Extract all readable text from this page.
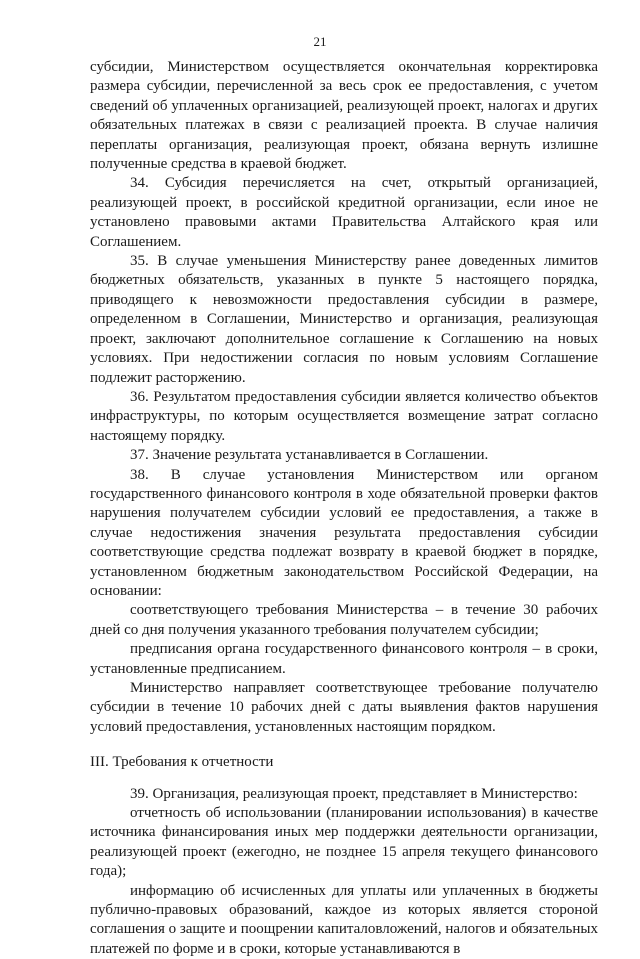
21

субсидии, Министерством осуществляется окончательная корректировка размера субсидии, перечисленной за весь срок ее предоставления, с учетом сведений об уплаченных организацией, реализующей проект, налогах и других обязательных платежах в связи с реализацией проекта. В случае наличия переплаты организация, реализующая проект, обязана вернуть излишне полученные средства в краевой бюджет.

34. Субсидия перечисляется на счет, открытый организацией, реализующей проект, в российской кредитной организации, если иное не установлено правовыми актами Правительства Алтайского края или Соглашением.

35. В случае уменьшения Министерству ранее доведенных лимитов бюджетных обязательств, указанных в пункте 5 настоящего порядка, приводящего к невозможности предоставления субсидии в размере, определенном в Соглашении, Министерство и организация, реализующая проект, заключают дополнительное соглашение к Соглашению на новых условиях. При недостижении согласия по новым условиям Соглашение подлежит расторжению.

36. Результатом предоставления субсидии является количество объектов инфраструктуры, по которым осуществляется возмещение затрат согласно настоящему порядку.

37. Значение результата устанавливается в Соглашении.

38. В случае установления Министерством или органом государственного финансового контроля в ходе обязательной проверки фактов нарушения получателем субсидии условий ее предоставления, а также в случае недостижения значения результата предоставления субсидии соответствующие средства подлежат возврату в краевой бюджет в порядке, установленном бюджетным законодательством Российской Федерации, на основании:

соответствующего требования Министерства – в течение 30 рабочих дней со дня получения указанного требования получателем субсидии;

предписания органа государственного финансового контроля – в сроки, установленные предписанием.

Министерство направляет соответствующее требование получателю субсидии в течение 10 рабочих дней с даты выявления фактов нарушения условий предоставления, установленных настоящим порядком.

III. Требования к отчетности

39. Организация, реализующая проект, представляет в Министерство:

отчетность об использовании (планировании использования) в качестве источника финансирования иных мер поддержки деятельности организации, реализующей проект (ежегодно, не позднее 15 апреля текущего финансового года);

информацию об исчисленных для уплаты или уплаченных в бюджеты публично-правовых образований, каждое из которых является стороной соглашения о защите и поощрении капиталовложений, налогов и обязательных платежей по форме и в сроки, которые устанавливаются в
